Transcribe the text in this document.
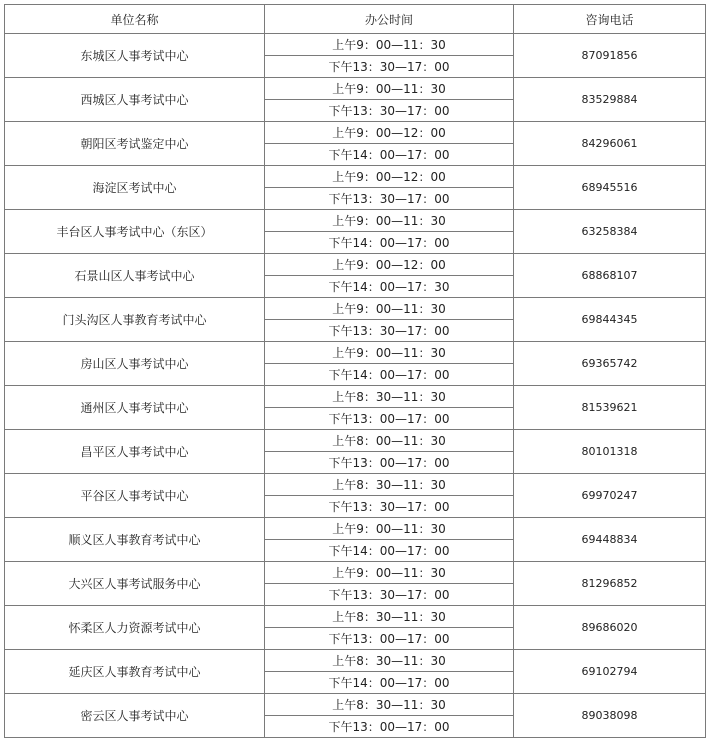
单位名称	办公时间	咨询电话
东城区人事考试中心	上午9：00—11：30	87091856
	下午13：30—17：00	
西城区人事考试中心	上午9：00—11：30	83529884
	下午13：30—17：00	
朝阳区考试鉴定中心	上午9：00—12：00	84296061
	下午14：00—17：00	
海淀区考试中心	上午9：00—12：00	68945516
	下午13：30—17：00	
丰台区人事考试中心（东区）	上午9：00—11：30	63258384
	下午14：00—17：00	
石景山区人事考试中心	上午9：00—12：00	68868107
	下午14：00—17：30	
门头沟区人事教育考试中心	上午9：00—11：30	69844345
	下午13：30—17：00	
房山区人事考试中心	上午9：00—11：30	69365742
	下午14：00—17：00	
通州区人事考试中心	上午8：30—11：30	81539621
	下午13：00—17：00	
昌平区人事考试中心	上午8：00—11：30	80101318
	下午13：00—17：00	
平谷区人事考试中心	上午8：30—11：30	69970247
	下午13：30—17：00	
顺义区人事教育考试中心	上午9：00—11：30	69448834
	下午14：00—17：00	
大兴区人事考试服务中心	上午9：00—11：30	81296852
	下午13：30—17：00	
怀柔区人力资源考试中心	上午8：30—11：30	89686020
	下午13：00—17：00	
延庆区人事教育考试中心	上午8：30—11：30	69102794
	下午14：00—17：00	
密云区人事考试中心	上午8：30—11：30	89038098
	下午13：00—17：00	
